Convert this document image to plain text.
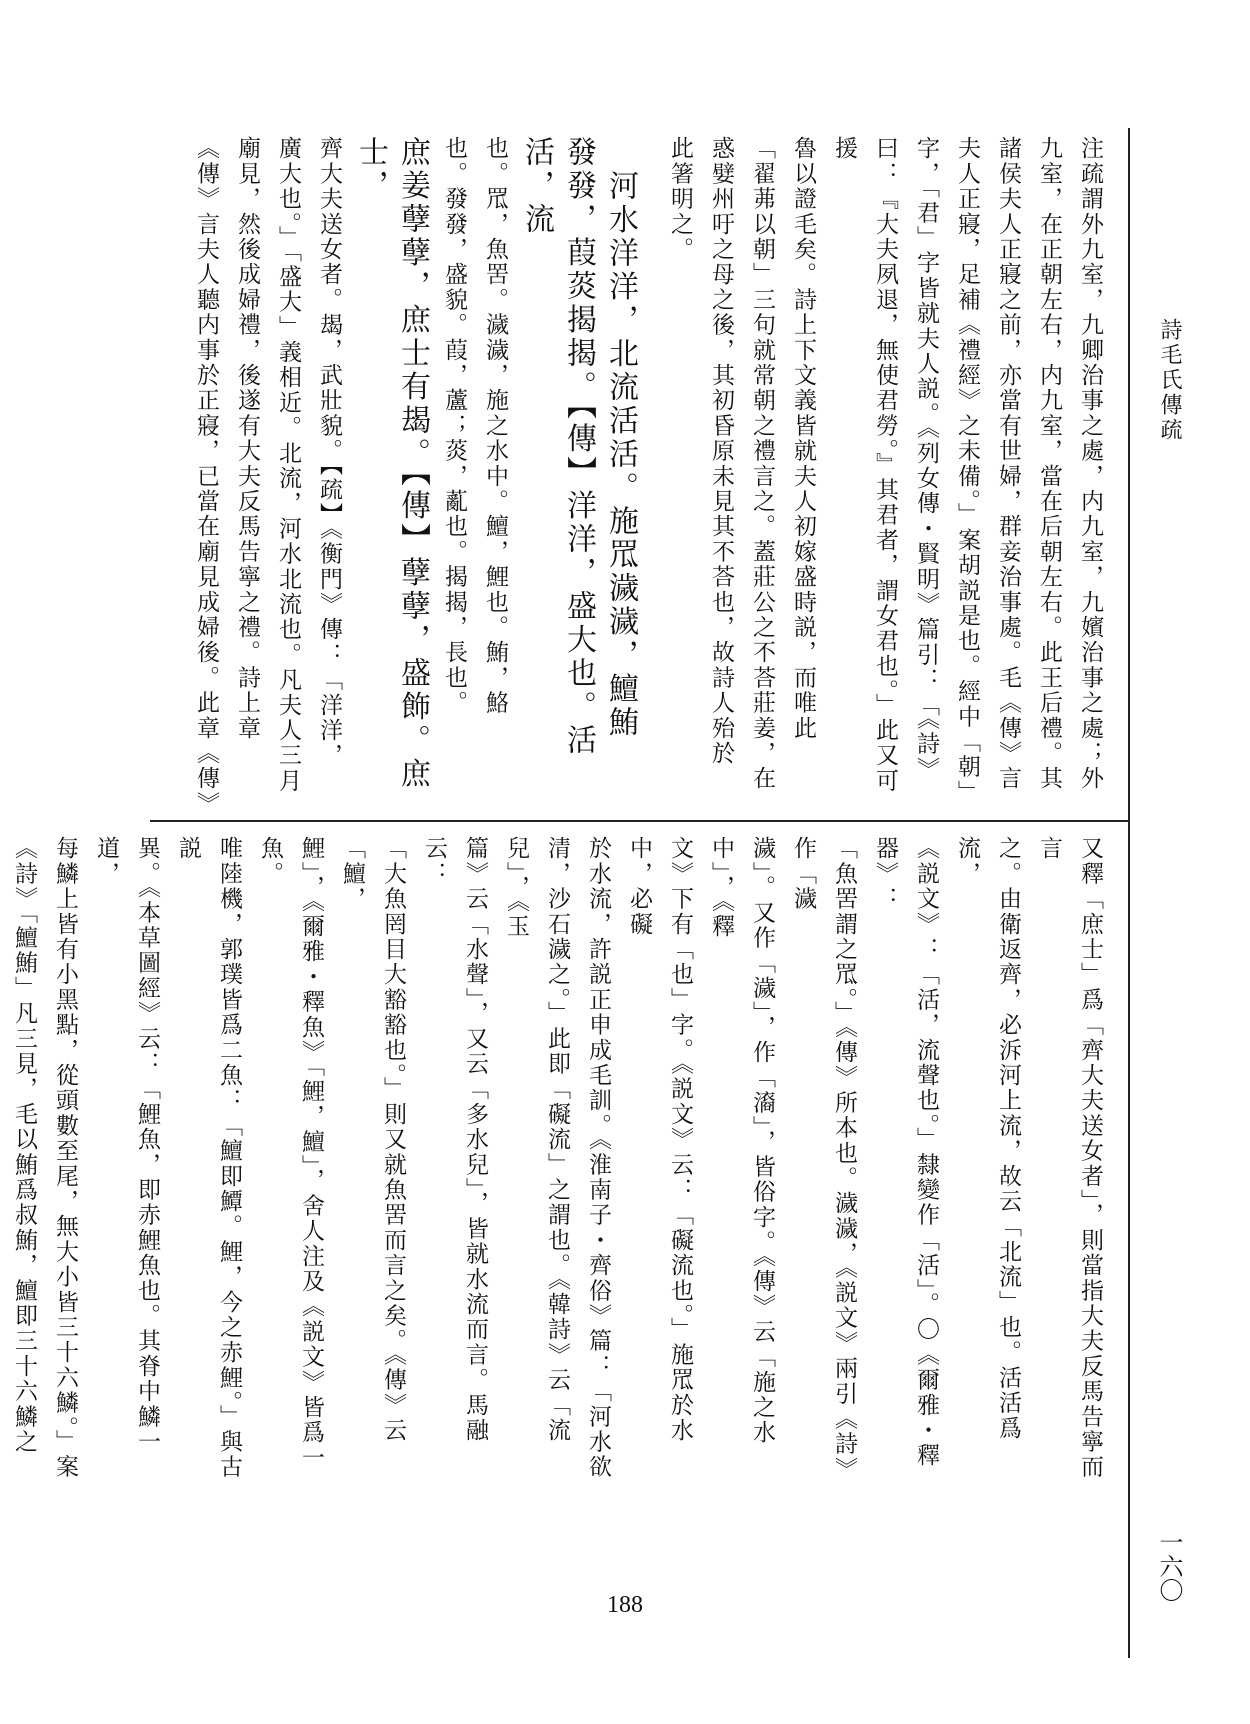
詩毛氏傳疏
一六〇

注疏謂外九室，九卿治事之處，内九室，九嬪治事之處；外

九室，在正朝左右，内九室，當在后朝左右。此王后禮。其

諸侯夫人正寢之前，亦當有世婦，群妾治事處。毛《傳》言

夫人正寢，足補《禮經》之未備。」案胡説是也。經中「朝」

字，「君」字皆就夫人説。《列女傳・賢明》篇引：「《詩》

曰：『大夫夙退，無使君勞。』其君者，謂女君也。」此又可援

魯以證毛矣。詩上下文義皆就夫人初嫁盛時説，而唯此

「翟茀以朝」三句就常朝之禮言之。蓋莊公之不荅莊姜，在

惑嬖州吁之母之後，其初昏原未見其不荅也，故詩人殆於

此箸明之。

河水洋洋，北流活活。施罛濊濊，鱣鮪

發發，葭菼揭揭。【傳】洋洋，盛大也。活活，流

也。罛，魚罟。濊濊，施之水中。鱣，鯉也。鮪，鮥

也。發發，盛貌。葭，蘆；菼，薍也。揭揭，長也。

庶姜孽孽，庶士有朅。【傳】孽孽，盛飾。庶士，

齊大夫送女者。朅，武壯貌。【疏】《衡門》傳：「洋洋，

廣大也。」「盛大」義相近。北流，河水北流也。凡夫人三月

廟見，然後成婦禮，後遂有大夫反馬告寧之禮。詩上章

《傳》言夫人聽内事於正寢，已當在廟見成婦後。此章《傳》

又釋「庶士」爲「齊大夫送女者」，則當指大夫反馬告寧而言

之。由衛返齊，必泝河上流，故云「北流」也。活活爲流，

《説文》：「活，流聲也。」隸變作「活」。〇《爾雅・釋器》：

「魚罟謂之罛。」《傳》所本也。濊濊，《説文》兩引《詩》作「濊

濊」。又作「濊」，作「㵝」，皆俗字。《傳》云「施之水中」，《釋

文》下有「也」字。《説文》云：「礙流也。」施罛於水中，必礙

於水流，許説正申成毛訓。《淮南子・齊俗》篇：「河水欲

清，沙石濊之。」此即「礙流」之謂也。《韓詩》云「流兒」，《玉

篇》云「水聲」，又云「多水兒」，皆就水流而言。馬融云：

「大魚罔目大豁豁也。」則又就魚罟而言之矣。《傳》云「鱣，

鯉」，《爾雅・釋魚》「鯉，鱣」，舍人注及《説文》皆爲一魚。

唯陸機，郭璞皆爲二魚：「鱣即鱏。鯉，今之赤鯉。」與古説

異。《本草圖經》云：「鯉魚，即赤鯉魚也。其脊中鱗一道，

每鱗上皆有小黑點，從頭數至尾，無大小皆三十六鱗。」案

《詩》「鱣鮪」凡三見，毛以鮪爲叔鮪，鱣即三十六鱗之

188
